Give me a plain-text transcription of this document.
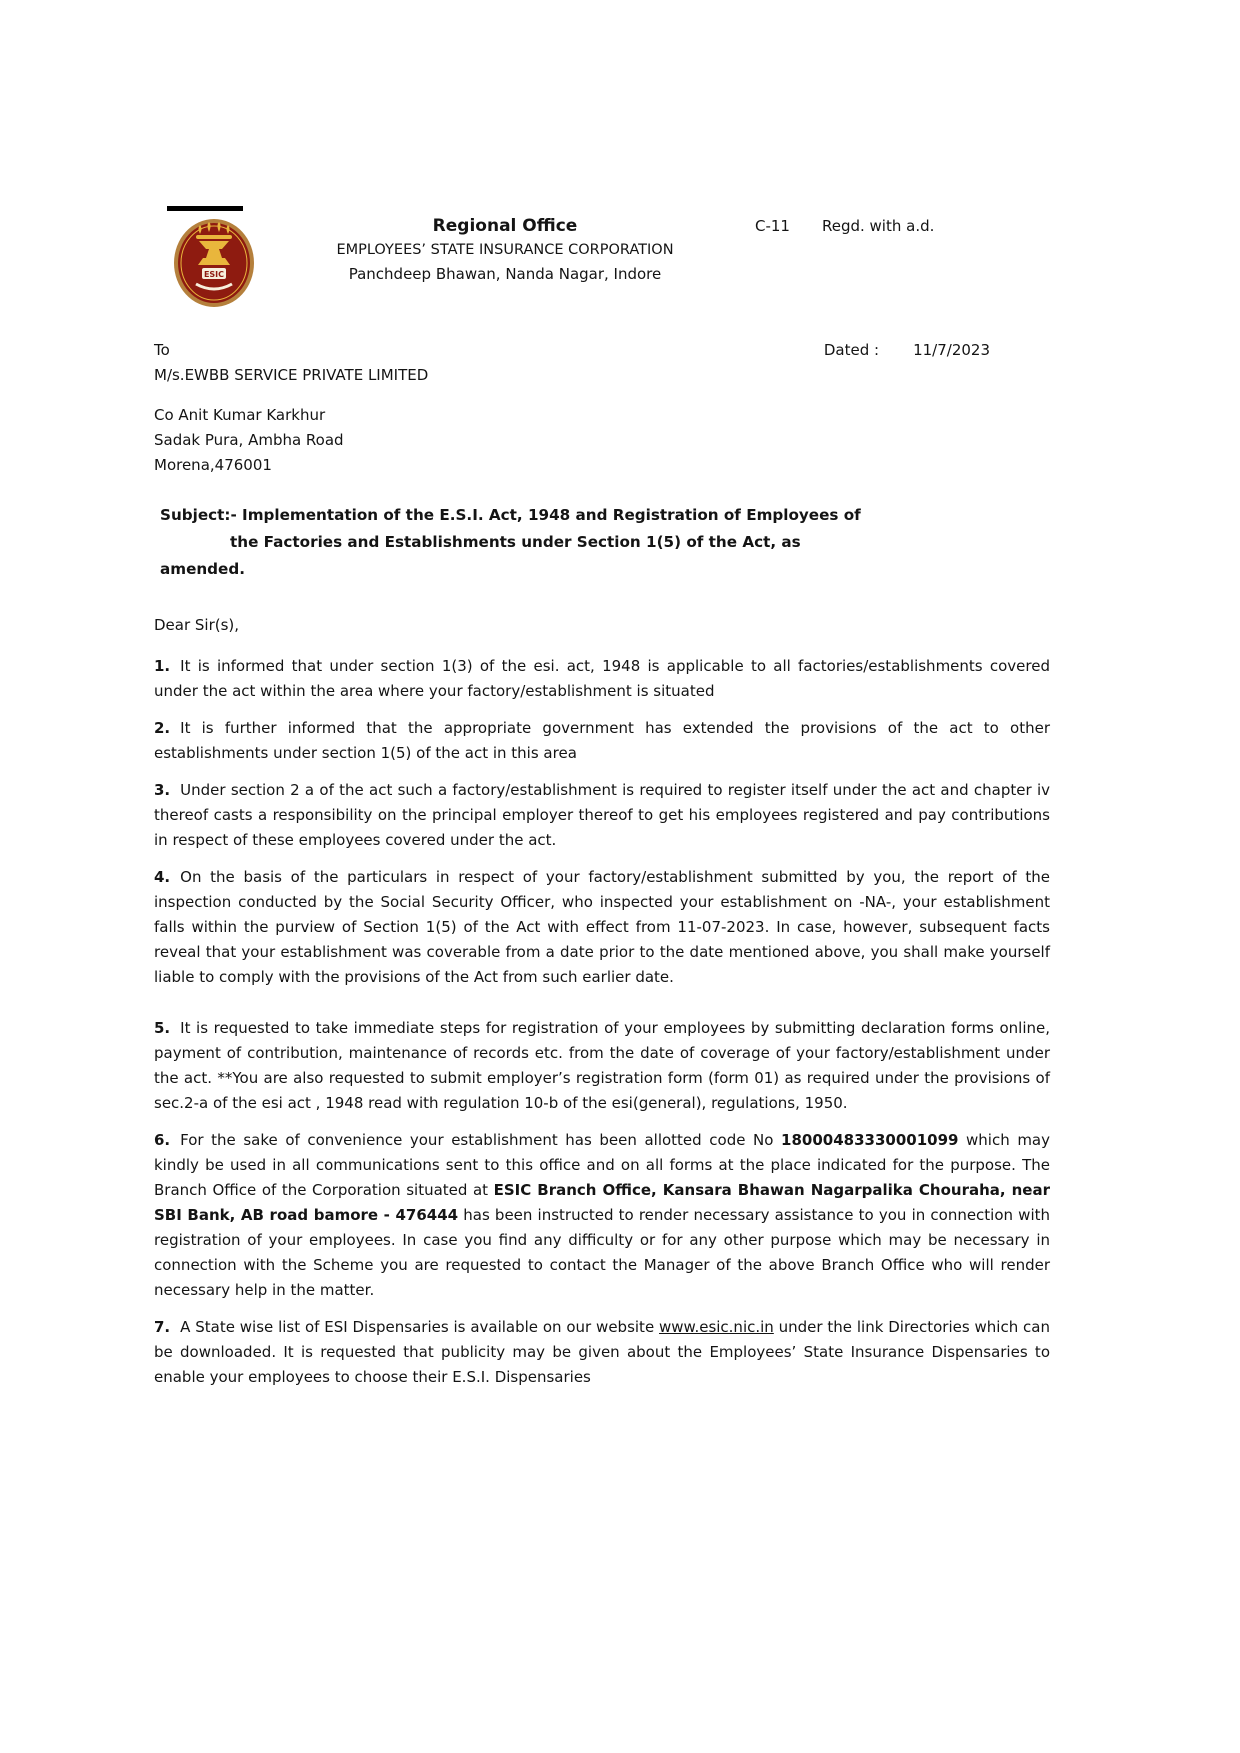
ESIC
Regional Office
EMPLOYEES’ STATE INSURANCE CORPORATION
Panchdeep Bhawan, Nanda Nagar, Indore
C-11 Regd. with a.d.
To	Dated : 11/7/2023
M/s.EWBB SERVICE PRIVATE LIMITED
Co Anit Kumar Karkhur
Sadak Pura, Ambha Road
Morena,476001
Subject:- Implementation of the E.S.I. Act, 1948 and Registration of Employees of
the Factories and Establishments under Section 1(5) of the Act, as
amended.
Dear Sir(s),

1. It is informed that under section 1(3) of the esi. act, 1948 is applicable to all factories/establishments covered under the act within the area where your factory/establishment is situated

2. It is further informed that the appropriate government has extended the provisions of the act to other establishments under section 1(5) of the act in this area

3. Under section 2 a of the act such a factory/establishment is required to register itself under the act and chapter iv thereof casts a responsibility on the principal employer thereof to get his employees registered and pay contributions in respect of these employees covered under the act.

4. On the basis of the particulars in respect of your factory/establishment submitted by you, the report of the inspection conducted by the Social Security Officer, who inspected your establishment on -NA-, your establishment falls within the purview of Section 1(5) of the Act with effect from 11-07-2023. In case, however, subsequent facts reveal that your establishment was coverable from a date prior to the date mentioned above, you shall make yourself liable to comply with the provisions of the Act from such earlier date.

5. It is requested to take immediate steps for registration of your employees by submitting declaration forms online, payment of contribution, maintenance of records etc. from the date of coverage of your factory/establishment under the act. **You are also requested to submit employer’s registration form (form 01) as required under the provisions of sec.2-a of the esi act , 1948 read with regulation 10-b of the esi(general), regulations, 1950.

6. For the sake of convenience your establishment has been allotted code No 18000483330001099 which may kindly be used in all communications sent to this office and on all forms at the place indicated for the purpose. The Branch Office of the Corporation situated at ESIC Branch Office, Kansara Bhawan Nagarpalika Chouraha, near SBI Bank, AB road bamore - 476444 has been instructed to render necessary assistance to you in connection with registration of your employees. In case you find any difficulty or for any other purpose which may be necessary in connection with the Scheme you are requested to contact the Manager of the above Branch Office who will render necessary help in the matter.

7. A State wise list of ESI Dispensaries is available on our website www.esic.nic.in under the link Directories which can be downloaded. It is requested that publicity may be given about the Employees’ State Insurance Dispensaries to enable your employees to choose their E.S.I. Dispensaries
